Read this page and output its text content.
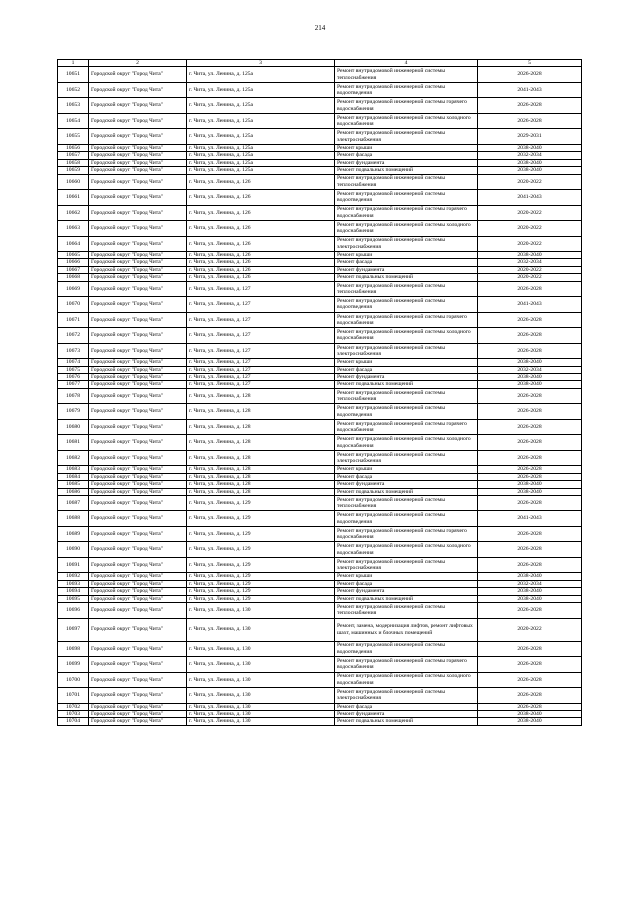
214
1	2	3	4	5
10651	Городской округ "Город Чита"	г. Чита, ул. Ленина, д. 125а	Ремонт внутридомовой инженерной системы теплоснабжения	2026-2028
10652	Городской округ "Город Чита"	г. Чита, ул. Ленина, д. 125а	Ремонт внутридомовой инженерной системы водоотведения	2041-2043
10653	Городской округ "Город Чита"	г. Чита, ул. Ленина, д. 125а	Ремонт внутридомовой инженерной системы горячего водоснабжения	2026-2028
10654	Городской округ "Город Чита"	г. Чита, ул. Ленина, д. 125а	Ремонт внутридомовой инженерной системы холодного водоснабжения	2026-2028
10655	Городской округ "Город Чита"	г. Чита, ул. Ленина, д. 125а	Ремонт внутридомовой инженерной системы электроснабжения	2029-2031
10656	Городской округ "Город Чита"	г. Чита, ул. Ленина, д. 125а	Ремонт крыши	2038-2040
10657	Городской округ "Город Чита"	г. Чита, ул. Ленина, д. 125а	Ремонт фасада	2032-2034
10658	Городской округ "Город Чита"	г. Чита, ул. Ленина, д. 125а	Ремонт фундамента	2038-2040
10659	Городской округ "Город Чита"	г. Чита, ул. Ленина, д. 125а	Ремонт подвальных помещений	2038-2040
10660	Городской округ "Город Чита"	г. Чита, ул. Ленина, д. 126	Ремонт внутридомовой инженерной системы теплоснабжения	2020-2022
10661	Городской округ "Город Чита"	г. Чита, ул. Ленина, д. 126	Ремонт внутридомовой инженерной системы водоотведения	2041-2043
10662	Городской округ "Город Чита"	г. Чита, ул. Ленина, д. 126	Ремонт внутридомовой инженерной системы горячего водоснабжения	2020-2022
10663	Городской округ "Город Чита"	г. Чита, ул. Ленина, д. 126	Ремонт внутридомовой инженерной системы холодного водоснабжения	2020-2022
10664	Городской округ "Город Чита"	г. Чита, ул. Ленина, д. 126	Ремонт внутридомовой инженерной системы электроснабжения	2020-2022
10665	Городской округ "Город Чита"	г. Чита, ул. Ленина, д. 126	Ремонт крыши	2038-2040
10666	Городской округ "Город Чита"	г. Чита, ул. Ленина, д. 126	Ремонт фасада	2032-2034
10667	Городской округ "Город Чита"	г. Чита, ул. Ленина, д. 126	Ремонт фундамента	2020-2022
10668	Городской округ "Город Чита"	г. Чита, ул. Ленина, д. 126	Ремонт подвальных помещений	2020-2022
10669	Городской округ "Город Чита"	г. Чита, ул. Ленина, д. 127	Ремонт внутридомовой инженерной системы теплоснабжения	2026-2028
10670	Городской округ "Город Чита"	г. Чита, ул. Ленина, д. 127	Ремонт внутридомовой инженерной системы водоотведения	2041-2043
10671	Городской округ "Город Чита"	г. Чита, ул. Ленина, д. 127	Ремонт внутридомовой инженерной системы горячего водоснабжения	2026-2028
10672	Городской округ "Город Чита"	г. Чита, ул. Ленина, д. 127	Ремонт внутридомовой инженерной системы холодного водоснабжения	2026-2028
10673	Городской округ "Город Чита"	г. Чита, ул. Ленина, д. 127	Ремонт внутридомовой инженерной системы электроснабжения	2026-2028
10674	Городской округ "Город Чита"	г. Чита, ул. Ленина, д. 127	Ремонт крыши	2038-2040
10675	Городской округ "Город Чита"	г. Чита, ул. Ленина, д. 127	Ремонт фасада	2032-2034
10676	Городской округ "Город Чита"	г. Чита, ул. Ленина, д. 127	Ремонт фундамента	2038-2040
10677	Городской округ "Город Чита"	г. Чита, ул. Ленина, д. 127	Ремонт подвальных помещений	2038-2040
10678	Городской округ "Город Чита"	г. Чита, ул. Ленина, д. 128	Ремонт внутридомовой инженерной системы теплоснабжения	2026-2028
10679	Городской округ "Город Чита"	г. Чита, ул. Ленина, д. 128	Ремонт внутридомовой инженерной системы водоотведения	2026-2028
10680	Городской округ "Город Чита"	г. Чита, ул. Ленина, д. 128	Ремонт внутридомовой инженерной системы горячего водоснабжения	2026-2028
10681	Городской округ "Город Чита"	г. Чита, ул. Ленина, д. 128	Ремонт внутридомовой инженерной системы холодного водоснабжения	2026-2028
10682	Городской округ "Город Чита"	г. Чита, ул. Ленина, д. 128	Ремонт внутридомовой инженерной системы электроснабжения	2026-2028
10683	Городской округ "Город Чита"	г. Чита, ул. Ленина, д. 128	Ремонт крыши	2026-2028
10684	Городской округ "Город Чита"	г. Чита, ул. Ленина, д. 128	Ремонт фасада	2026-2028
10685	Городской округ "Город Чита"	г. Чита, ул. Ленина, д. 128	Ремонт фундамента	2038-2040
10686	Городской округ "Город Чита"	г. Чита, ул. Ленина, д. 128	Ремонт подвальных помещений	2038-2040
10687	Городской округ "Город Чита"	г. Чита, ул. Ленина, д. 129	Ремонт внутридомовой инженерной системы теплоснабжения	2026-2028
10688	Городской округ "Город Чита"	г. Чита, ул. Ленина, д. 129	Ремонт внутридомовой инженерной системы водоотведения	2041-2043
10689	Городской округ "Город Чита"	г. Чита, ул. Ленина, д. 129	Ремонт внутридомовой инженерной системы горячего водоснабжения	2026-2028
10690	Городской округ "Город Чита"	г. Чита, ул. Ленина, д. 129	Ремонт внутридомовой инженерной системы холодного водоснабжения	2026-2028
10691	Городской округ "Город Чита"	г. Чита, ул. Ленина, д. 129	Ремонт внутридомовой инженерной системы электроснабжения	2026-2028
10692	Городской округ "Город Чита"	г. Чита, ул. Ленина, д. 129	Ремонт крыши	2038-2040
10693	Городской округ "Город Чита"	г. Чита, ул. Ленина, д. 129	Ремонт фасада	2032-2034
10694	Городской округ "Город Чита"	г. Чита, ул. Ленина, д. 129	Ремонт фундамента	2038-2040
10695	Городской округ "Город Чита"	г. Чита, ул. Ленина, д. 129	Ремонт подвальных помещений	2038-2040
10696	Городской округ "Город Чита"	г. Чита, ул. Ленина, д. 130	Ремонт внутридомовой инженерной системы теплоснабжения	2026-2028
10697	Городской округ "Город Чита"	г. Чита, ул. Ленина, д. 130	Ремонт, замена, модернизация лифтов, ремонт лифтовых шахт, машинных и блочных помещений	2020-2022
10698	Городской округ "Город Чита"	г. Чита, ул. Ленина, д. 130	Ремонт внутридомовой инженерной системы водоотведения	2026-2028
10699	Городской округ "Город Чита"	г. Чита, ул. Ленина, д. 130	Ремонт внутридомовой инженерной системы горячего водоснабжения	2026-2028
10700	Городской округ "Город Чита"	г. Чита, ул. Ленина, д. 130	Ремонт внутридомовой инженерной системы холодного водоснабжения	2026-2028
10701	Городской округ "Город Чита"	г. Чита, ул. Ленина, д. 130	Ремонт внутридомовой инженерной системы электроснабжения	2026-2028
10702	Городской округ "Город Чита"	г. Чита, ул. Ленина, д. 130	Ремонт фасада	2026-2028
10703	Городской округ "Город Чита"	г. Чита, ул. Ленина, д. 130	Ремонт фундамента	2038-2040
10704	Городской округ "Город Чита"	г. Чита, ул. Ленина, д. 130	Ремонт подвальных помещений	2038-2040
